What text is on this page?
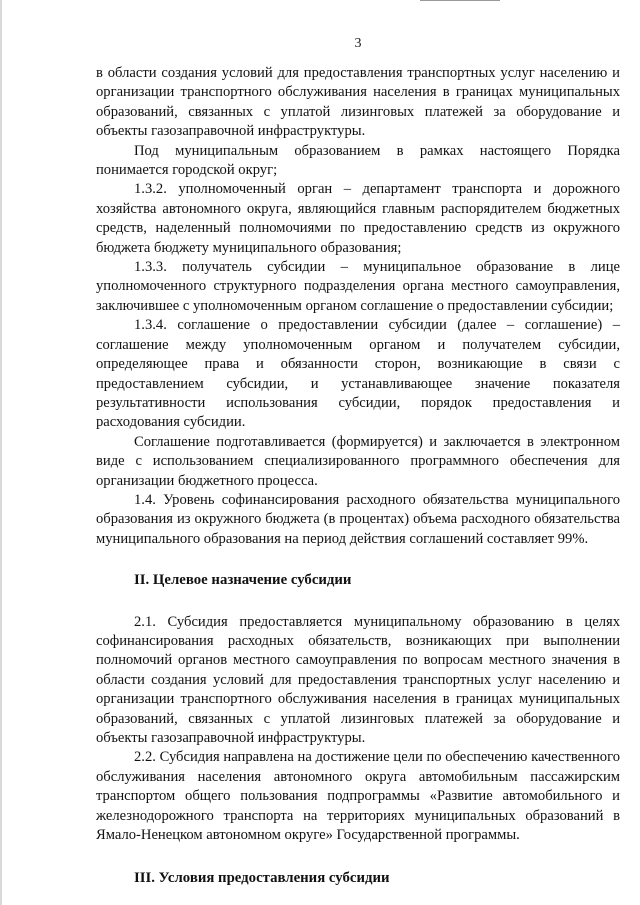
3

в области создания условий для предоставления транспортных услуг населению и организации транспортного обслуживания населения в границах муниципальных образований, связанных с уплатой лизинговых платежей за оборудование и объекты газозаправочной инфраструктуры.

Под муниципальным образованием в рамках настоящего Порядка понимается городской округ;

1.3.2. уполномоченный орган – департамент транспорта и дорожного хозяйства автономного округа, являющийся главным распорядителем бюджетных средств, наделенный полномочиями по предоставлению средств из окружного бюджета бюджету муниципального образования;

1.3.3. получатель субсидии – муниципальное образование в лице уполномоченного структурного подразделения органа местного самоуправления, заключившее с уполномоченным органом соглашение о предоставлении субсидии;

1.3.4. соглашение о предоставлении субсидии (далее – соглашение) – соглашение между уполномоченным органом и получателем субсидии, определяющее права и обязанности сторон, возникающие в связи с предоставлением субсидии, и устанавливающее значение показателя результативности использования субсидии, порядок предоставления и расходования субсидии.

Соглашение подготавливается (формируется) и заключается в электронном виде с использованием специализированного программного обеспечения для организации бюджетного процесса.

1.4. Уровень софинансирования расходного обязательства муниципального образования из окружного бюджета (в процентах) объема расходного обязательства муниципального образования на период действия соглашений составляет 99%.

II. Целевое назначение субсидии

2.1. Субсидия предоставляется муниципальному образованию в целях софинансирования расходных обязательств, возникающих при выполнении полномочий органов местного самоуправления по вопросам местного значения в области создания условий для предоставления транспортных услуг населению и организации транспортного обслуживания населения в границах муниципальных образований, связанных с уплатой лизинговых платежей за оборудование и объекты газозаправочной инфраструктуры.

2.2. Субсидия направлена на достижение цели по обеспечению качественного обслуживания населения автономного округа автомобильным пассажирским транспортом общего пользования подпрограммы «Развитие автомобильного и железнодорожного транспорта на территориях муниципальных образований в Ямало-Ненецком автономном округе» Государственной программы.

III. Условия предоставления субсидии
